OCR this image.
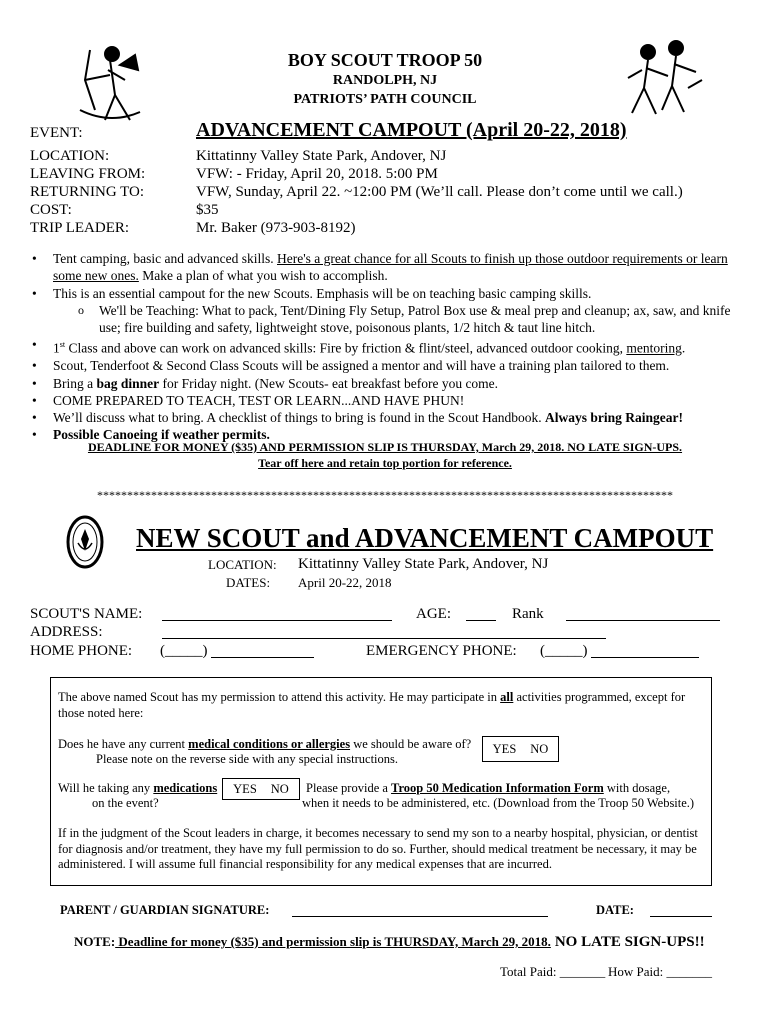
BOY SCOUT TROOP 50
RANDOLPH, NJ
PATRIOTS’ PATH COUNCIL
EVENT:	ADVANCEMENT CAMPOUT (April 20-22, 2018)
LOCATION:	Kittatinny Valley State Park, Andover, NJ
LEAVING FROM:	VFW: - Friday, April 20, 2018. 5:00 PM
RETURNING TO:	VFW, Sunday, April 22. ~12:00 PM (We’ll call. Please don’t come until we call.)
COST:	$35
TRIP LEADER:	Mr. Baker (973-903-8192)
• Tent camping, basic and advanced skills. Here's a great chance for all Scouts to finish up those outdoor requirements or learn some new ones. Make a plan of what you wish to accomplish.
• This is an essential campout for the new Scouts. Emphasis will be on teaching basic camping skills.
o We'll be Teaching: What to pack, Tent/Dining Fly Setup, Patrol Box use & meal prep and cleanup; ax, saw, and knife use; fire building and safety, lightweight stove, poisonous plants, 1/2 hitch & taut line hitch.
• 1st Class and above can work on advanced skills: Fire by friction & flint/steel, advanced outdoor cooking, mentoring.
• Scout, Tenderfoot & Second Class Scouts will be assigned a mentor and will have a training plan tailored to them.
• Bring a bag dinner for Friday night. (New Scouts- eat breakfast before you come.
• COME PREPARED TO TEACH, TEST OR LEARN...AND HAVE PHUN!
• We’ll discuss what to bring. A checklist of things to bring is found in the Scout Handbook. Always bring Raingear!
• Possible Canoeing if weather permits.
DEADLINE FOR MONEY ($35) AND PERMISSION SLIP IS THURSDAY, March 29, 2018. NO LATE SIGN-UPS.
Tear off here and retain top portion for reference.
************************************************************************************************
NEW SCOUT and ADVANCEMENT CAMPOUT
LOCATION: Kittatinny Valley State Park, Andover, NJ
DATES: April 20-22, 2018
SCOUT'S NAME:	AGE:	Rank
ADDRESS:
HOME PHONE: (_____)	EMERGENCY PHONE: (_____)
The above named Scout has my permission to attend this activity. He may participate in all activities programmed, except for those noted here:
Does he have any current medical conditions or allergies we should be aware of?
Please note on the reverse side with any special instructions.
YES NO
Will he taking any medications
on the event?
YES NO Please provide a Troop 50 Medication Information Form with dosage,
when it needs to be administered, etc. (Download from the Troop 50 Website.)
If in the judgment of the Scout leaders in charge, it becomes necessary to send my son to a nearby hospital, physician, or dentist for diagnosis and/or treatment, they have my full permission to do so. Further, should medical treatment be necessary, it may be administered. I will assume full financial responsibility for any medical expenses that are incurred.
PARENT / GUARDIAN SIGNATURE:	DATE:
NOTE: Deadline for money ($35) and permission slip is THURSDAY, March 29, 2018. NO LATE SIGN-UPS!!
Total Paid: _______ How Paid: _______
